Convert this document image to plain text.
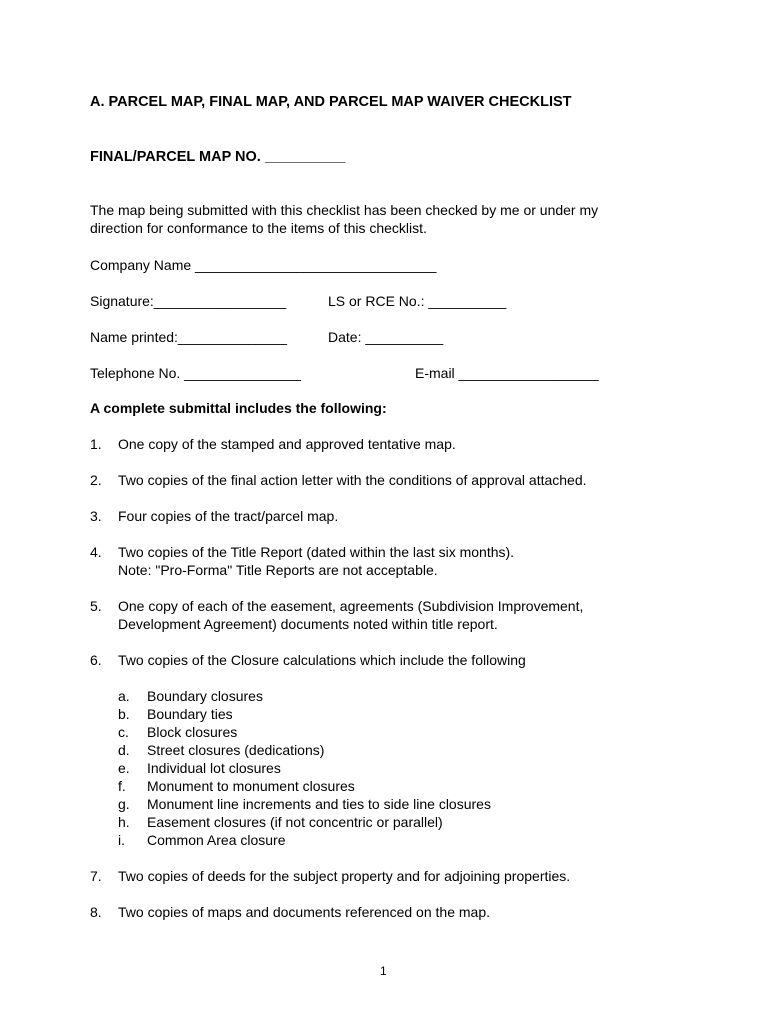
A. PARCEL MAP, FINAL MAP, AND PARCEL MAP WAIVER CHECKLIST
FINAL/PARCEL MAP NO. __________
The map being submitted with this checklist has been checked by me or under my
direction for conformance to the items of this checklist.
Company Name _______________________________
Signature:_________________	LS or RCE No.: __________
Name printed:______________	Date: __________
Telephone No. _______________	E-mail __________________
A complete submittal includes the following:
1. One copy of the stamped and approved tentative map.
2. Two copies of the final action letter with the conditions of approval attached.
3. Four copies of the tract/parcel map.
4. Two copies of the Title Report (dated within the last six months).
Note: "Pro-Forma" Title Reports are not acceptable.
5. One copy of each of the easement, agreements (Subdivision Improvement,
Development Agreement) documents noted within title report.
6. Two copies of the Closure calculations which include the following
a. Boundary closures
b. Boundary ties
c. Block closures
d. Street closures (dedications)
e. Individual lot closures
f. Monument to monument closures
g. Monument line increments and ties to side line closures
h. Easement closures (if not concentric or parallel)
i. Common Area closure
7. Two copies of deeds for the subject property and for adjoining properties.
8. Two copies of maps and documents referenced on the map.
1
